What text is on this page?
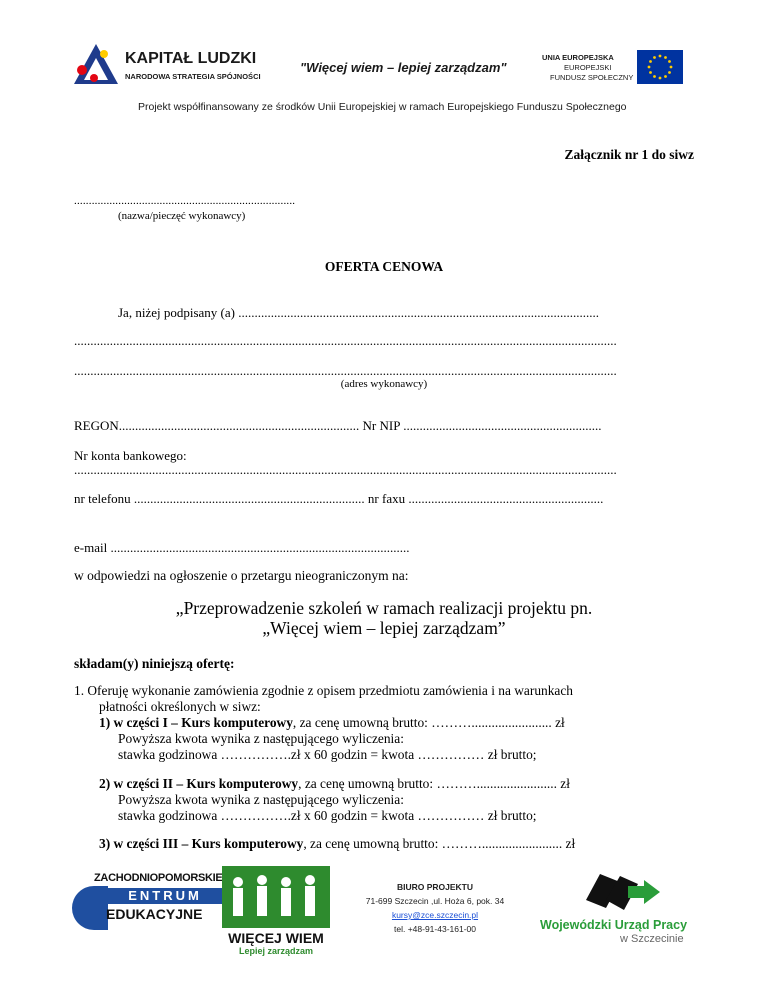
KAPITAŁ LUDZKI
NARODOWA STRATEGIA SPÓJNOŚCI
"Więcej wiem – lepiej zarządzam"
UNIA EUROPEJSKA
EUROPEJSKI
FUNDUSZ SPOŁECZNY
Projekt współfinansowany ze środków Unii Europejskiej w ramach Europejskiego Funduszu Społecznego
Załącznik nr 1 do siwz
...........................................................................
(nazwa/pieczęć wykonawcy)
OFERTA CENOWA
Ja, niżej podpisany (a) ...............................................................................................................
.......................................................................................................................................................................
.......................................................................................................................................................................
(adres wykonawcy)
REGON.......................................................................... Nr NIP .............................................................
Nr konta bankowego:
.......................................................................................................................................................................
nr telefonu ....................................................................... nr faxu ............................................................
e-mail ............................................................................................
w odpowiedzi na ogłoszenie o przetargu nieograniczonym na:
„Przeprowadzenie szkoleń w ramach realizacji projektu pn.
„Więcej wiem – lepiej zarządzam”
składam(y) niniejszą ofertę:
1. Oferuję wykonanie zamówienia zgodnie z opisem przedmiotu zamówienia i na warunkach
płatności określonych w siwz:
1) w części I – Kurs komputerowy, za cenę umowną brutto: ………........................ zł
Powyższa kwota wynika z następującego wyliczenia:
stawka godzinowa …………….zł x 60 godzin = kwota …………… zł brutto;
2) w części II – Kurs komputerowy, za cenę umowną brutto: ………........................ zł
Powyższa kwota wynika z następującego wyliczenia:
stawka godzinowa …………….zł x 60 godzin = kwota …………… zł brutto;
3) w części III – Kurs komputerowy, za cenę umowną brutto: ………........................ zł
ZACHODNIOPOMORSKIE
ENTRUM
EDUKACYJNE
WIĘCEJ WIEM
Lepiej zarządzam
BIURO PROJEKTU
71-699 Szczecin ,ul. Hoża 6, pok. 34
kursy@zce.szczecin.pl
tel. +48-91-43-161-00	Wojewódzki Urząd Pracy
w Szczecinie
